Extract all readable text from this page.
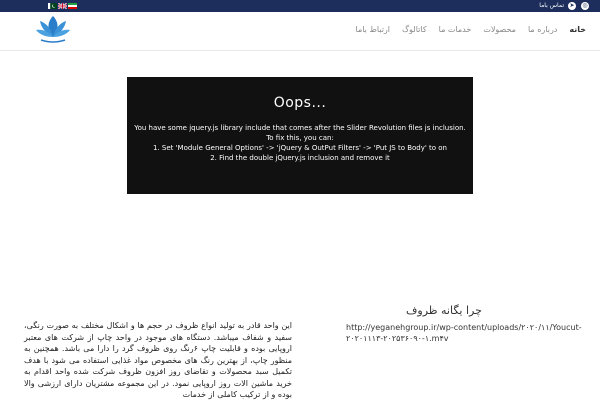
تماس باما ➤ ◎
خانه
درباره ما
محصولات
خدمات ما
کاتالوگ
ارتباط باما
Oops...
You have some jquery.js library include that comes after the Slider Revolution files js inclusion.
To fix this, you can:
1. Set 'Module General Options' -> 'jQuery & OutPut Filters' -> 'Put JS to Body' to on
2. Find the double jQuery.js inclusion and remove it
چرا یگانه ظروف
http://yeganehgroup.ir/wp-content/uploads/۲۰۲۰/۱۱/Youcut-۲۰۲۰۱۱۱۳-۲۰۲۵۳۶۰۹۰-۱.m۴v
این واحد قادر به تولید انواع ظروف در حجم ها و اشکال مختلف به صورت رنگی، سفید و شفاف میباشد. دستگاه های موجود در واحد چاپ از شرکت های معتبر اروپایی بوده و قابلیت چاپ ۶رنگ روی ظروف گرد را دارا می باشد. همچنین به منظور چاپ، از بهترین رنگ های مخصوص مواد غذایی استفاده می شود با هدف تکمیل سبد محصولات و تقاضای روز افزون ظروف شرکت شده واحد اقدام به خرید ماشین الات روز اروپایی نمود. در این مجموعه مشتریان دارای ارزشی والا بوده و از ترکیب کاملی از خدمات
